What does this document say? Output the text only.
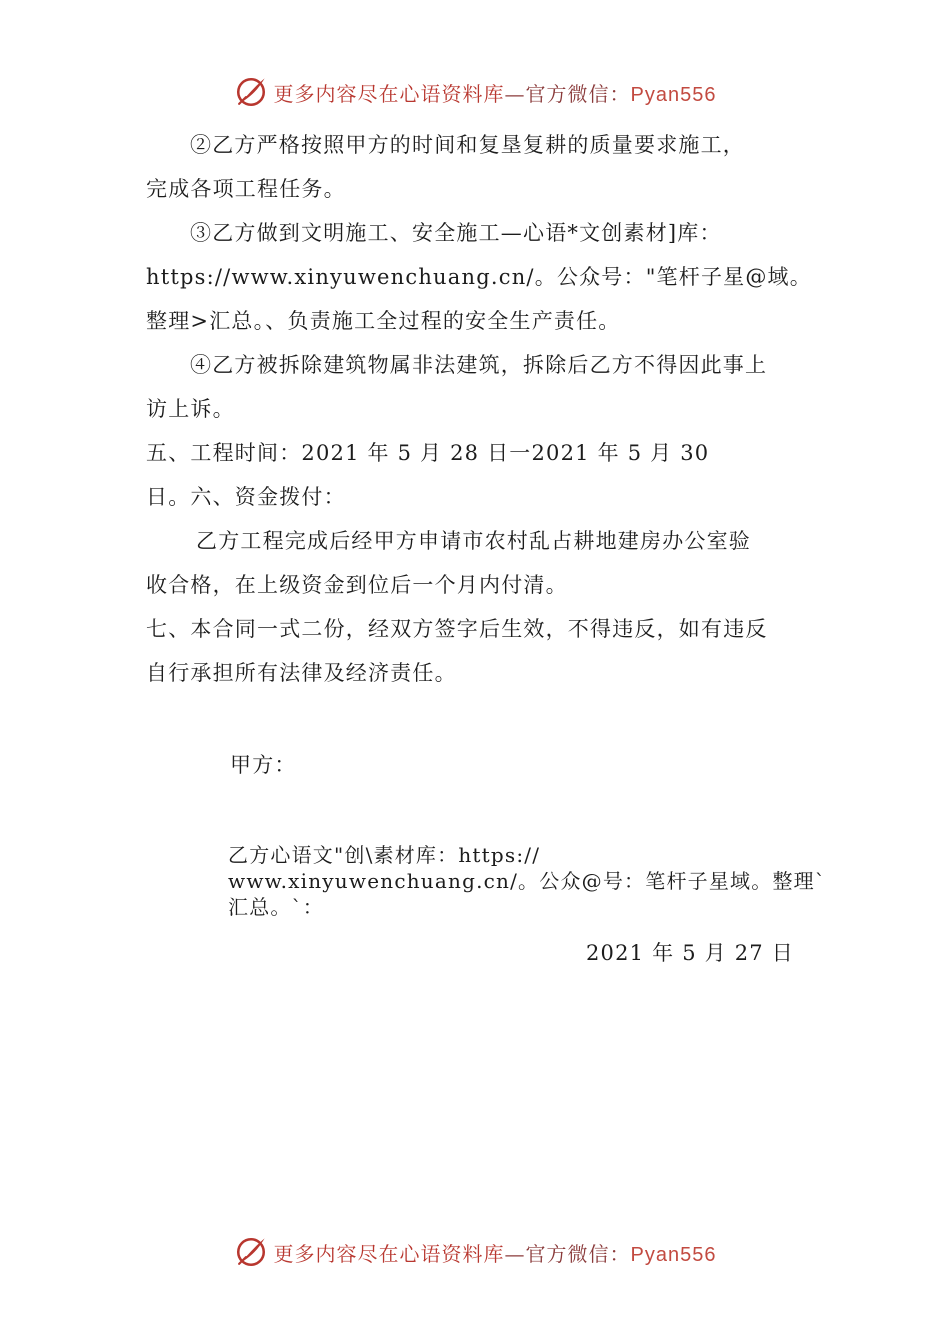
更多内容尽在心语资料库—官方微信：Pyan556
②乙方严格按照甲方的时间和复垦复耕的质量要求施工，
完成各项工程任务。
③乙方做到文明施工、安全施工—心语*文创素材]库：
https://www.xinyuwenchuang.cn/。公众号："笔杆子星@域。
整理>汇总。、负责施工全过程的安全生产责任。
④乙方被拆除建筑物属非法建筑，拆除后乙方不得因此事上
访上诉。
五、工程时间：2021 年 5 月 28 日一2021 年 5 月 30
日。六、资金拨付：
乙方工程完成后经甲方申请市农村乱占耕地建房办公室验
收合格，在上级资金到位后一个月内付清。
七、本合同一式二份，经双方签字后生效，不得违反，如有违反
自行承担所有法律及经济责任。
甲方：
乙方心语文"创\素材库：https://
www.xinyuwenchuang.cn/。公众@号：笔杆子星域。整理`
汇总。`：
2021 年 5 月 27 日
更多内容尽在心语资料库—官方微信：Pyan556
